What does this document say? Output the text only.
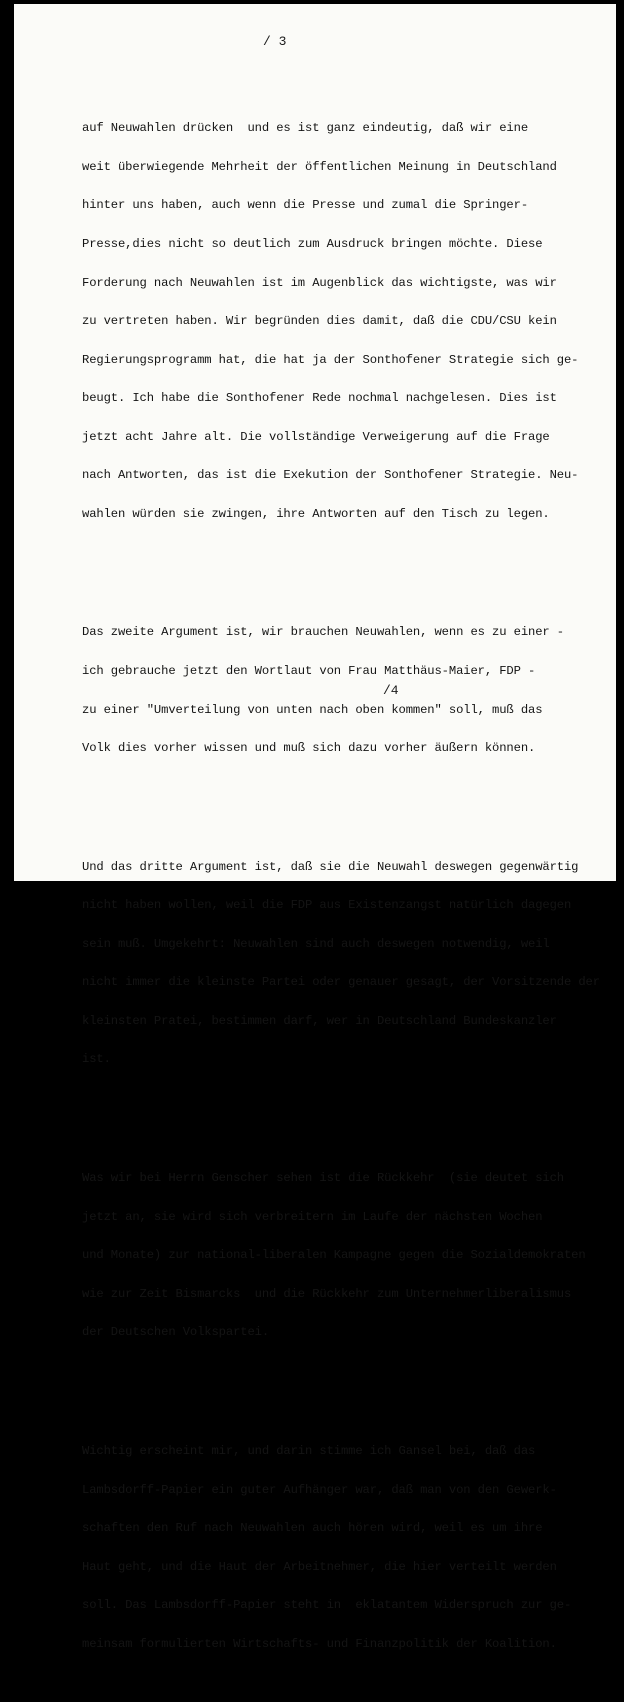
/ 3

auf Neuwahlen drücken  und es ist ganz eindeutig, daß wir eine

weit überwiegende Mehrheit der öffentlichen Meinung in Deutschland

hinter uns haben, auch wenn die Presse und zumal die Springer-

Presse,dies nicht so deutlich zum Ausdruck bringen möchte. Diese

Forderung nach Neuwahlen ist im Augenblick das wichtigste, was wir

zu vertreten haben. Wir begründen dies damit, daß die CDU/CSU kein

Regierungsprogramm hat, die hat ja der Sonthofener Strategie sich ge-

beugt. Ich habe die Sonthofener Rede nochmal nachgelesen. Dies ist

jetzt acht Jahre alt. Die vollständige Verweigerung auf die Frage

nach Antworten, das ist die Exekution der Sonthofener Strategie. Neu-

wahlen würden sie zwingen, ihre Antworten auf den Tisch zu legen.

Das zweite Argument ist, wir brauchen Neuwahlen, wenn es zu einer -

ich gebrauche jetzt den Wortlaut von Frau Matthäus-Maier, FDP -

zu einer "Umverteilung von unten nach oben kommen" soll, muß das

Volk dies vorher wissen und muß sich dazu vorher äußern können.

Und das dritte Argument ist, daß sie die Neuwahl deswegen gegenwärtig

nicht haben wollen, weil die FDP aus Existenzangst natürlich dagegen

sein muß. Umgekehrt: Neuwahlen sind auch deswegen notwendig, weil

nicht immer die kleinste Partei oder genauer gesagt, der Vorsitzende der

kleinsten Pratei, bestimmen darf, wer in Deutschland Bundeskanzler

ist.

Was wir bei Herrn Genscher sehen ist die Rückkehr  (sie deutet sich

jetzt an, sie wird sich verbreitern im Laufe der nächsten Wochen

und Monate) zur national-liberalen Kampagne gegen die Sozialdemokraten

wie zur Zeit Bismarcks  und die Rückkehr zum Unternehmerliberalismus

der Deutschen Volkspartei.

Wichtig erscheint mir, und darin stimme ich Gansel bei, daß das

Lambsdorff-Papier ein guter Aufhänger war, daß man von den Gewerk-

schaften den Ruf nach Neuwahlen auch hören wird, weil es um ihre

Haut geht, und die Haut der Arbeitnehmer, die hier verteilt werden

soll. Das Lambsdorff-Papier steht in  eklatantem Widerspruch zur ge-

meinsam formulierten Wirtschafts- und Finanzpolitik der Koalition.

/4
